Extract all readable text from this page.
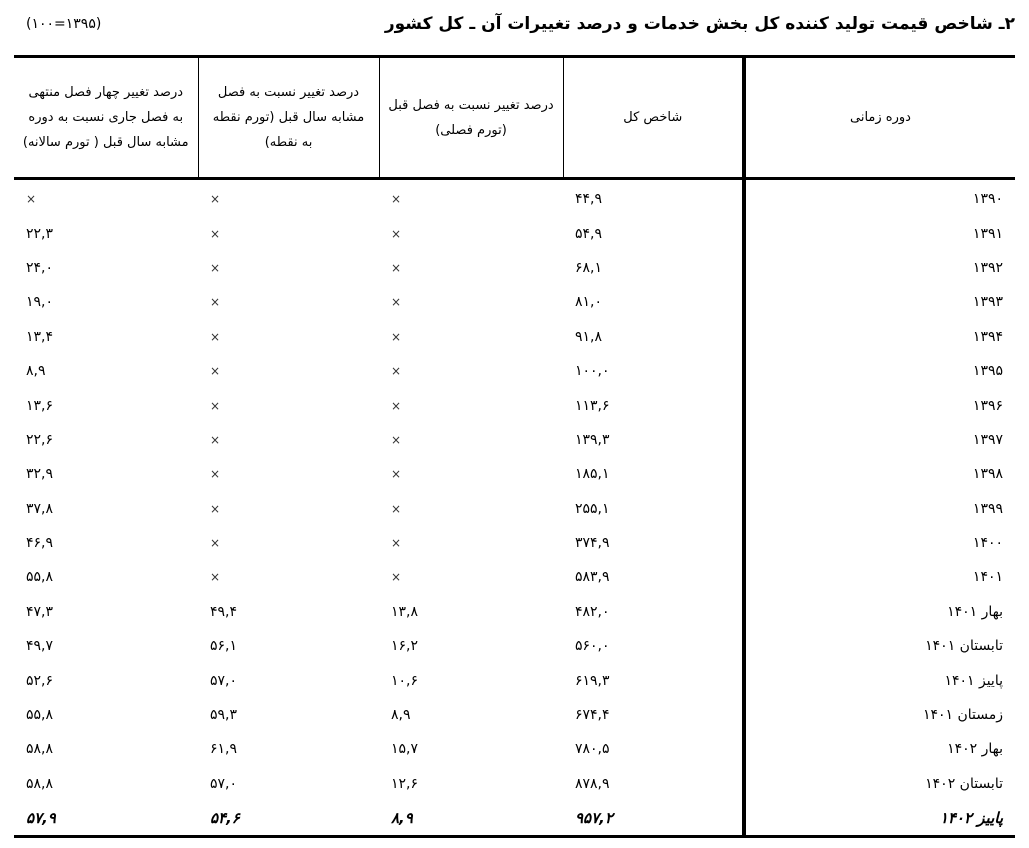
۲ـ شاخص قیمت تولید کننده کل بخش خدمات و درصد تغییرات آن ـ کل کشور
(۱۳۹۵=۱۰۰)
دوره زمانی	شاخص کل	درصد تغییر نسبت به فصل قبل (تورم فصلی)	درصد تغییر نسبت به فصل مشابه سال قبل (تورم نقطه به نقطه)	درصد تغییر چهار فصل منتهی به فصل جاری نسبت به دوره مشابه سال قبل ( تورم سالانه)
۱۳۹۰	۴۴,۹	×	×	×
۱۳۹۱	۵۴,۹	×	×	۲۲,۳
۱۳۹۲	۶۸,۱	×	×	۲۴,۰
۱۳۹۳	۸۱,۰	×	×	۱۹,۰
۱۳۹۴	۹۱,۸	×	×	۱۳,۴
۱۳۹۵	۱۰۰,۰	×	×	۸,۹
۱۳۹۶	۱۱۳,۶	×	×	۱۳,۶
۱۳۹۷	۱۳۹,۳	×	×	۲۲,۶
۱۳۹۸	۱۸۵,۱	×	×	۳۲,۹
۱۳۹۹	۲۵۵,۱	×	×	۳۷,۸
۱۴۰۰	۳۷۴,۹	×	×	۴۶,۹
۱۴۰۱	۵۸۳,۹	×	×	۵۵,۸
بهار ۱۴۰۱	۴۸۲,۰	۱۳,۸	۴۹,۴	۴۷,۳
تابستان ۱۴۰۱	۵۶۰,۰	۱۶,۲	۵۶,۱	۴۹,۷
پاییز ۱۴۰۱	۶۱۹,۳	۱۰,۶	۵۷,۰	۵۲,۶
زمستان ۱۴۰۱	۶۷۴,۴	۸,۹	۵۹,۳	۵۵,۸
بهار ۱۴۰۲	۷۸۰,۵	۱۵,۷	۶۱,۹	۵۸,۸
تابستان ۱۴۰۲	۸۷۸,۹	۱۲,۶	۵۷,۰	۵۸,۸
پاییز ۱۴۰۲	۹۵۷,۲	۸,۹	۵۴,۶	۵۷,۹
